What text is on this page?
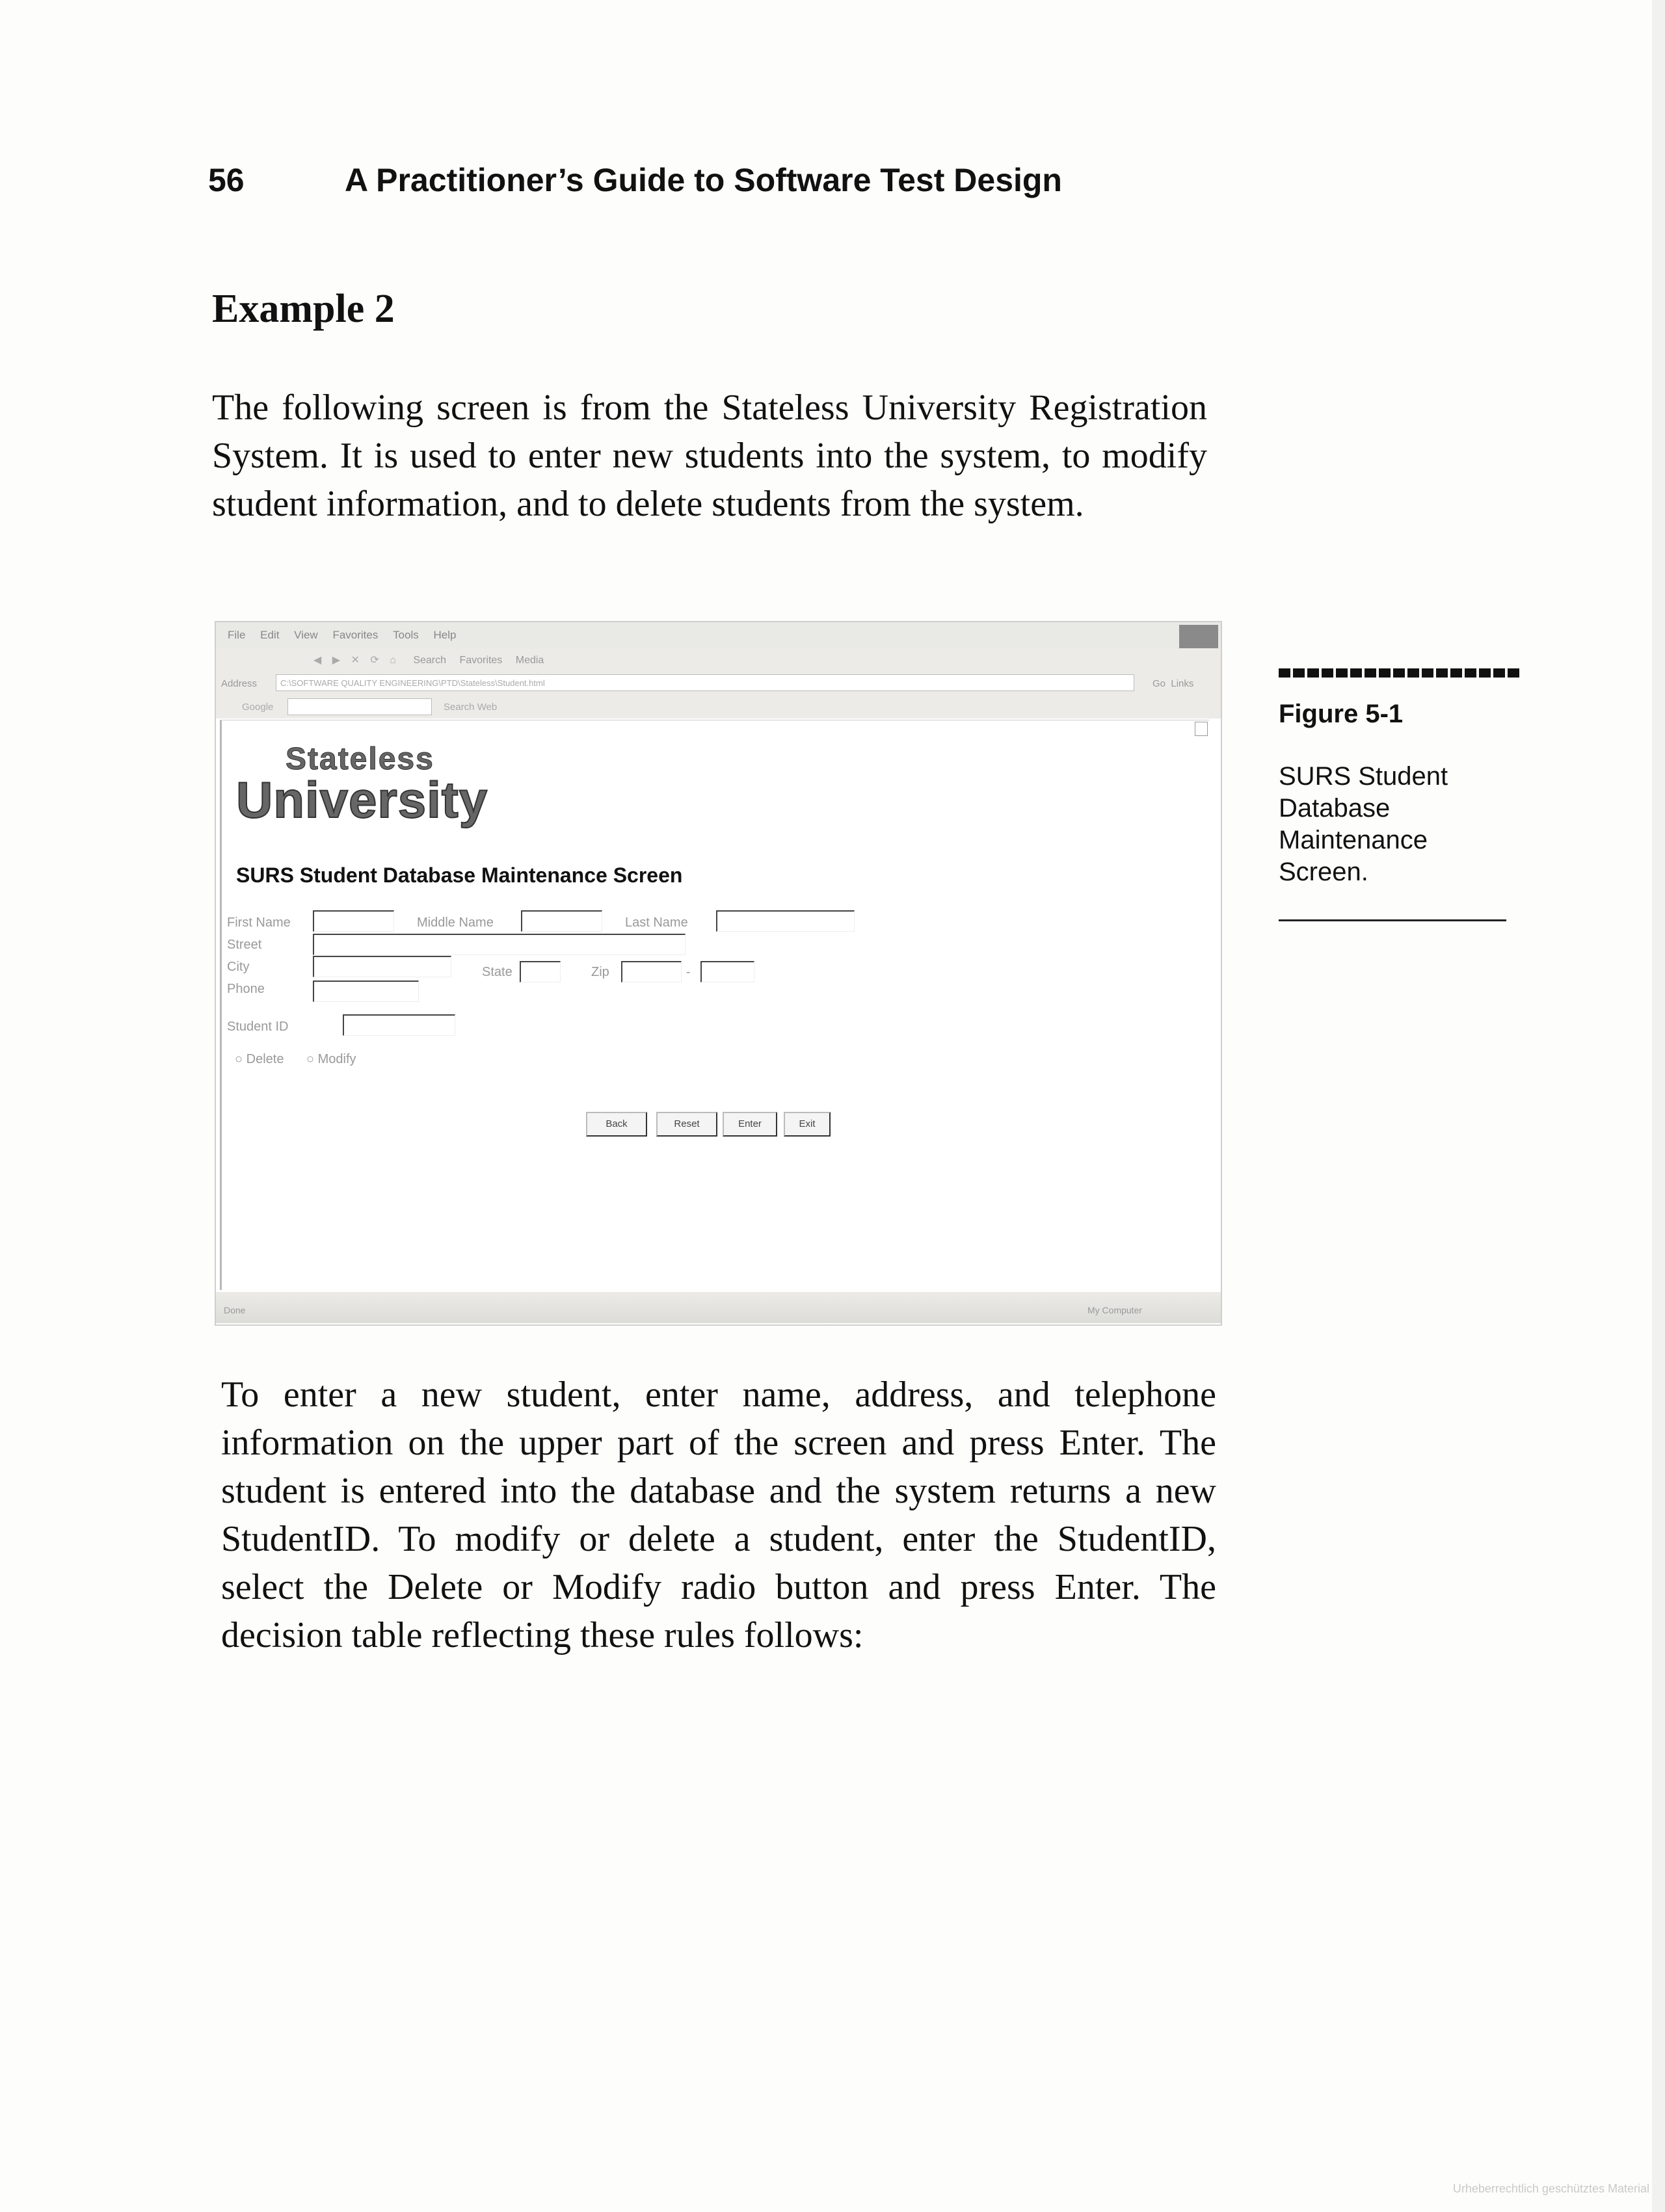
56	A Practitioner’s Guide to Software Test Design
Example 2

The following screen is from the Stateless University Registration System. It is used to enter new students into the system, to modify student information, and to delete students from the system.

File Edit View Favorites Tools Help
◀ ▶ ✕ ⟳ ⌂ Search Favorites Media
Address	C:\SOFTWARE QUALITY ENGINEERING\PTD\Stateless\Student.html	Go Links
Google	Search Web
Stateless
University
SURS Student Database Maintenance Screen
First Name	Middle Name	Last Name
Street
City	State	Zip	-
Phone
Student ID
○ Delete ○ Modify
Back	Reset	Enter	Exit
Done	My Computer
Figure 5-1
SURS Student Database Maintenance Screen.

To enter a new student, enter name, address, and telephone information on the upper part of the screen and press Enter. The student is entered into the database and the system returns a new StudentID. To modify or delete a student, enter the StudentID, select the Delete or Modify radio button and press Enter. The decision table reflecting these rules follows:

Urheberrechtlich geschütztes Material
